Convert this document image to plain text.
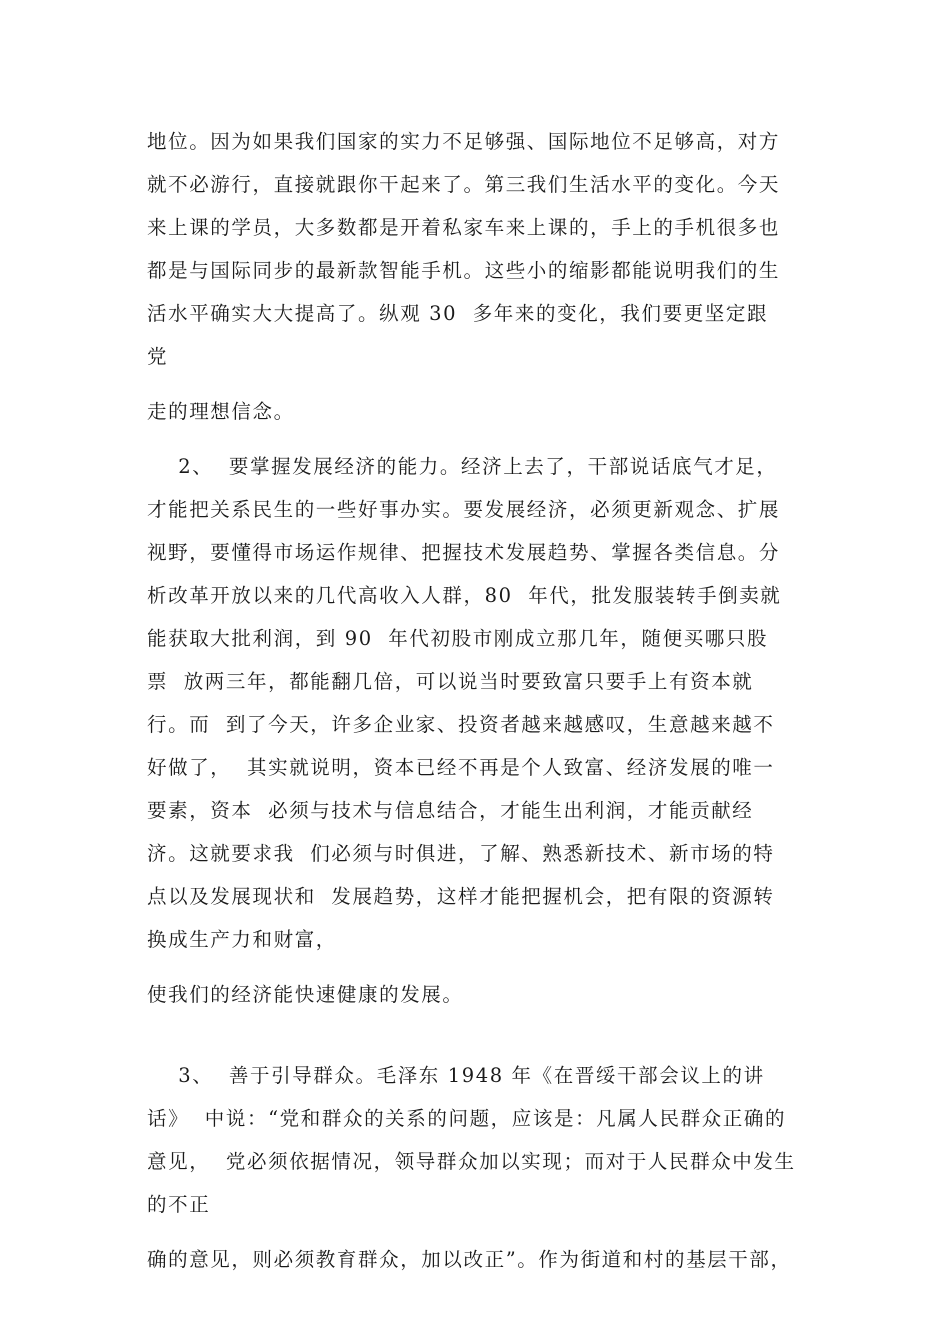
地位。因为如果我们国家的实力不足够强、国际地位不足够高，对方
就不必游行，直接就跟你干起来了。第三我们生活水平的变化。今天
来上课的学员，大多数都是开着私家车来上课的，手上的手机很多也
都是与国际同步的最新款智能手机。这些小的缩影都能说明我们的生
活水平确实大大提高了。纵观 30  多年来的变化，我们要更坚定跟
党
走的理想信念。
2、  要掌握发展经济的能力。经济上去了，干部说话底气才足，
才能把关系民生的一些好事办实。要发展经济，必须更新观念、扩展
视野，要懂得市场运作规律、把握技术发展趋势、掌握各类信息。分
析改革开放以来的几代高收入人群，80  年代，批发服装转手倒卖就
能获取大批利润，到 90  年代初股市刚成立那几年，随便买哪只股
票  放两三年，都能翻几倍，可以说当时要致富只要手上有资本就
行。而  到了今天，许多企业家、投资者越来越感叹，生意越来越不
好做了，  其实就说明，资本已经不再是个人致富、经济发展的唯一
要素，资本  必须与技术与信息结合，才能生出利润，才能贡献经
济。这就要求我  们必须与时俱进，了解、熟悉新技术、新市场的特
点以及发展现状和  发展趋势，这样才能把握机会，把有限的资源转
换成生产力和财富，
使我们的经济能快速健康的发展。
3、  善于引导群众。毛泽东 1948 年《在晋绥干部会议上的讲
话》  中说：“党和群众的关系的问题，应该是：凡属人民群众正确的
意见，  党必须依据情况，领导群众加以实现；而对于人民群众中发生
的不正
确的意见，则必须教育群众，加以改正”。作为街道和村的基层干部，
